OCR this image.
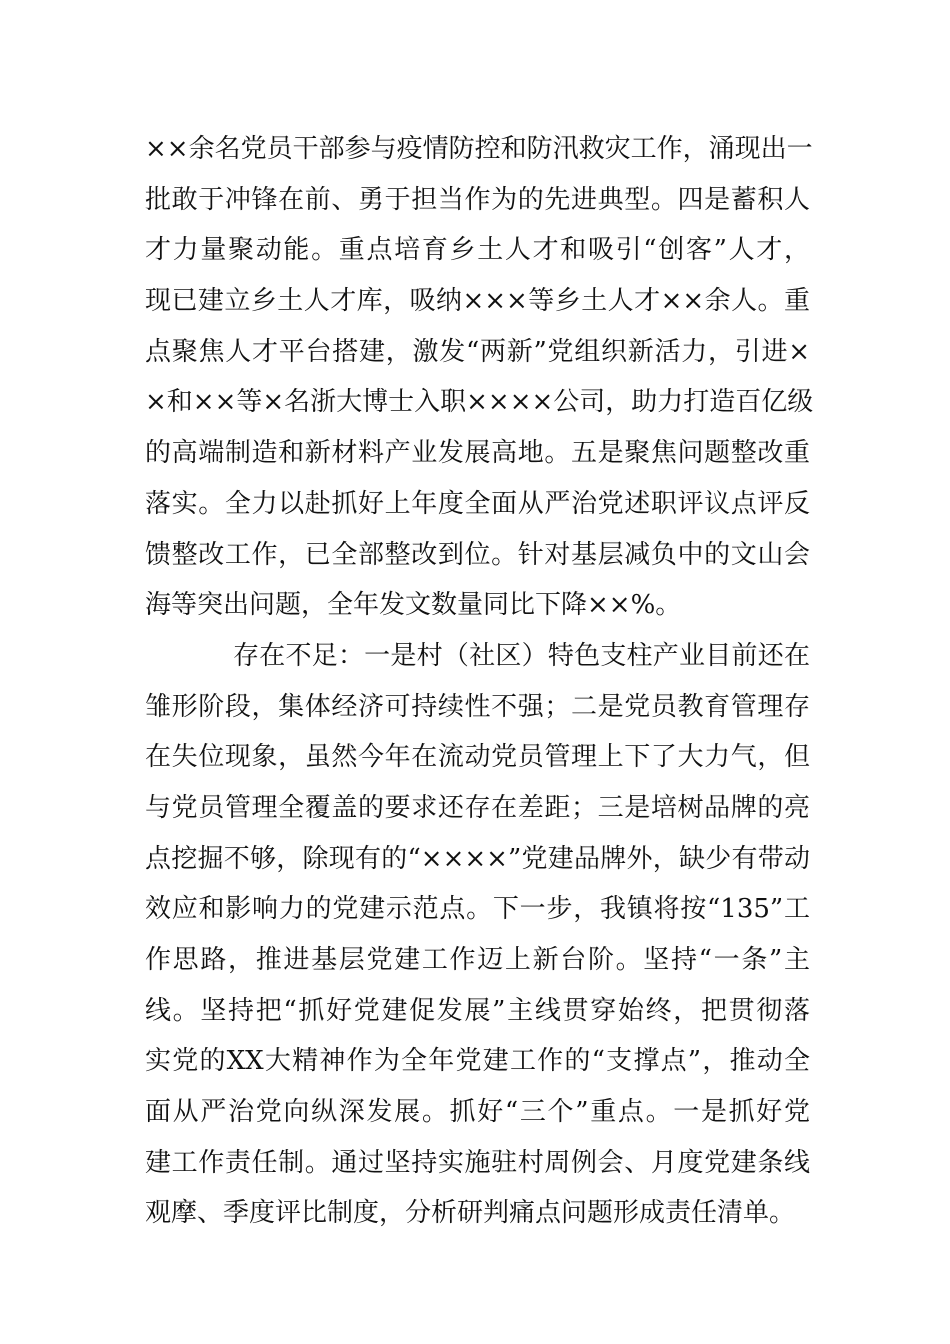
××余名党员干部参与疫情防控和防汛救灾工作，涌现出一
批敢于冲锋在前、勇于担当作为的先进典型。四是蓄积人
才力量聚动能。重点培育乡土人才和吸引“创客”人才，
现已建立乡土人才库，吸纳×××等乡土人才××余人。重
点聚焦人才平台搭建，激发“两新”党组织新活力，引进×
×和××等×名浙大博士入职××××公司，助力打造百亿级
的高端制造和新材料产业发展高地。五是聚焦问题整改重
落实。全力以赴抓好上年度全面从严治党述职评议点评反
馈整改工作，已全部整改到位。针对基层减负中的文山会
海等突出问题，全年发文数量同比下降××%。
存在不足：一是村（社区）特色支柱产业目前还在
雏形阶段，集体经济可持续性不强；二是党员教育管理存
在失位现象，虽然今年在流动党员管理上下了大力气，但
与党员管理全覆盖的要求还存在差距；三是培树品牌的亮
点挖掘不够，除现有的“××××”党建品牌外，缺少有带动
效应和影响力的党建示范点。下一步，我镇将按“135”工
作思路，推进基层党建工作迈上新台阶。坚持“一条”主
线。坚持把“抓好党建促发展”主线贯穿始终，把贯彻落
实党的XX大精神作为全年党建工作的“支撑点”，推动全
面从严治党向纵深发展。抓好“三个”重点。一是抓好党
建工作责任制。通过坚持实施驻村周例会、月度党建条线
观摩、季度评比制度，分析研判痛点问题形成责任清单。
